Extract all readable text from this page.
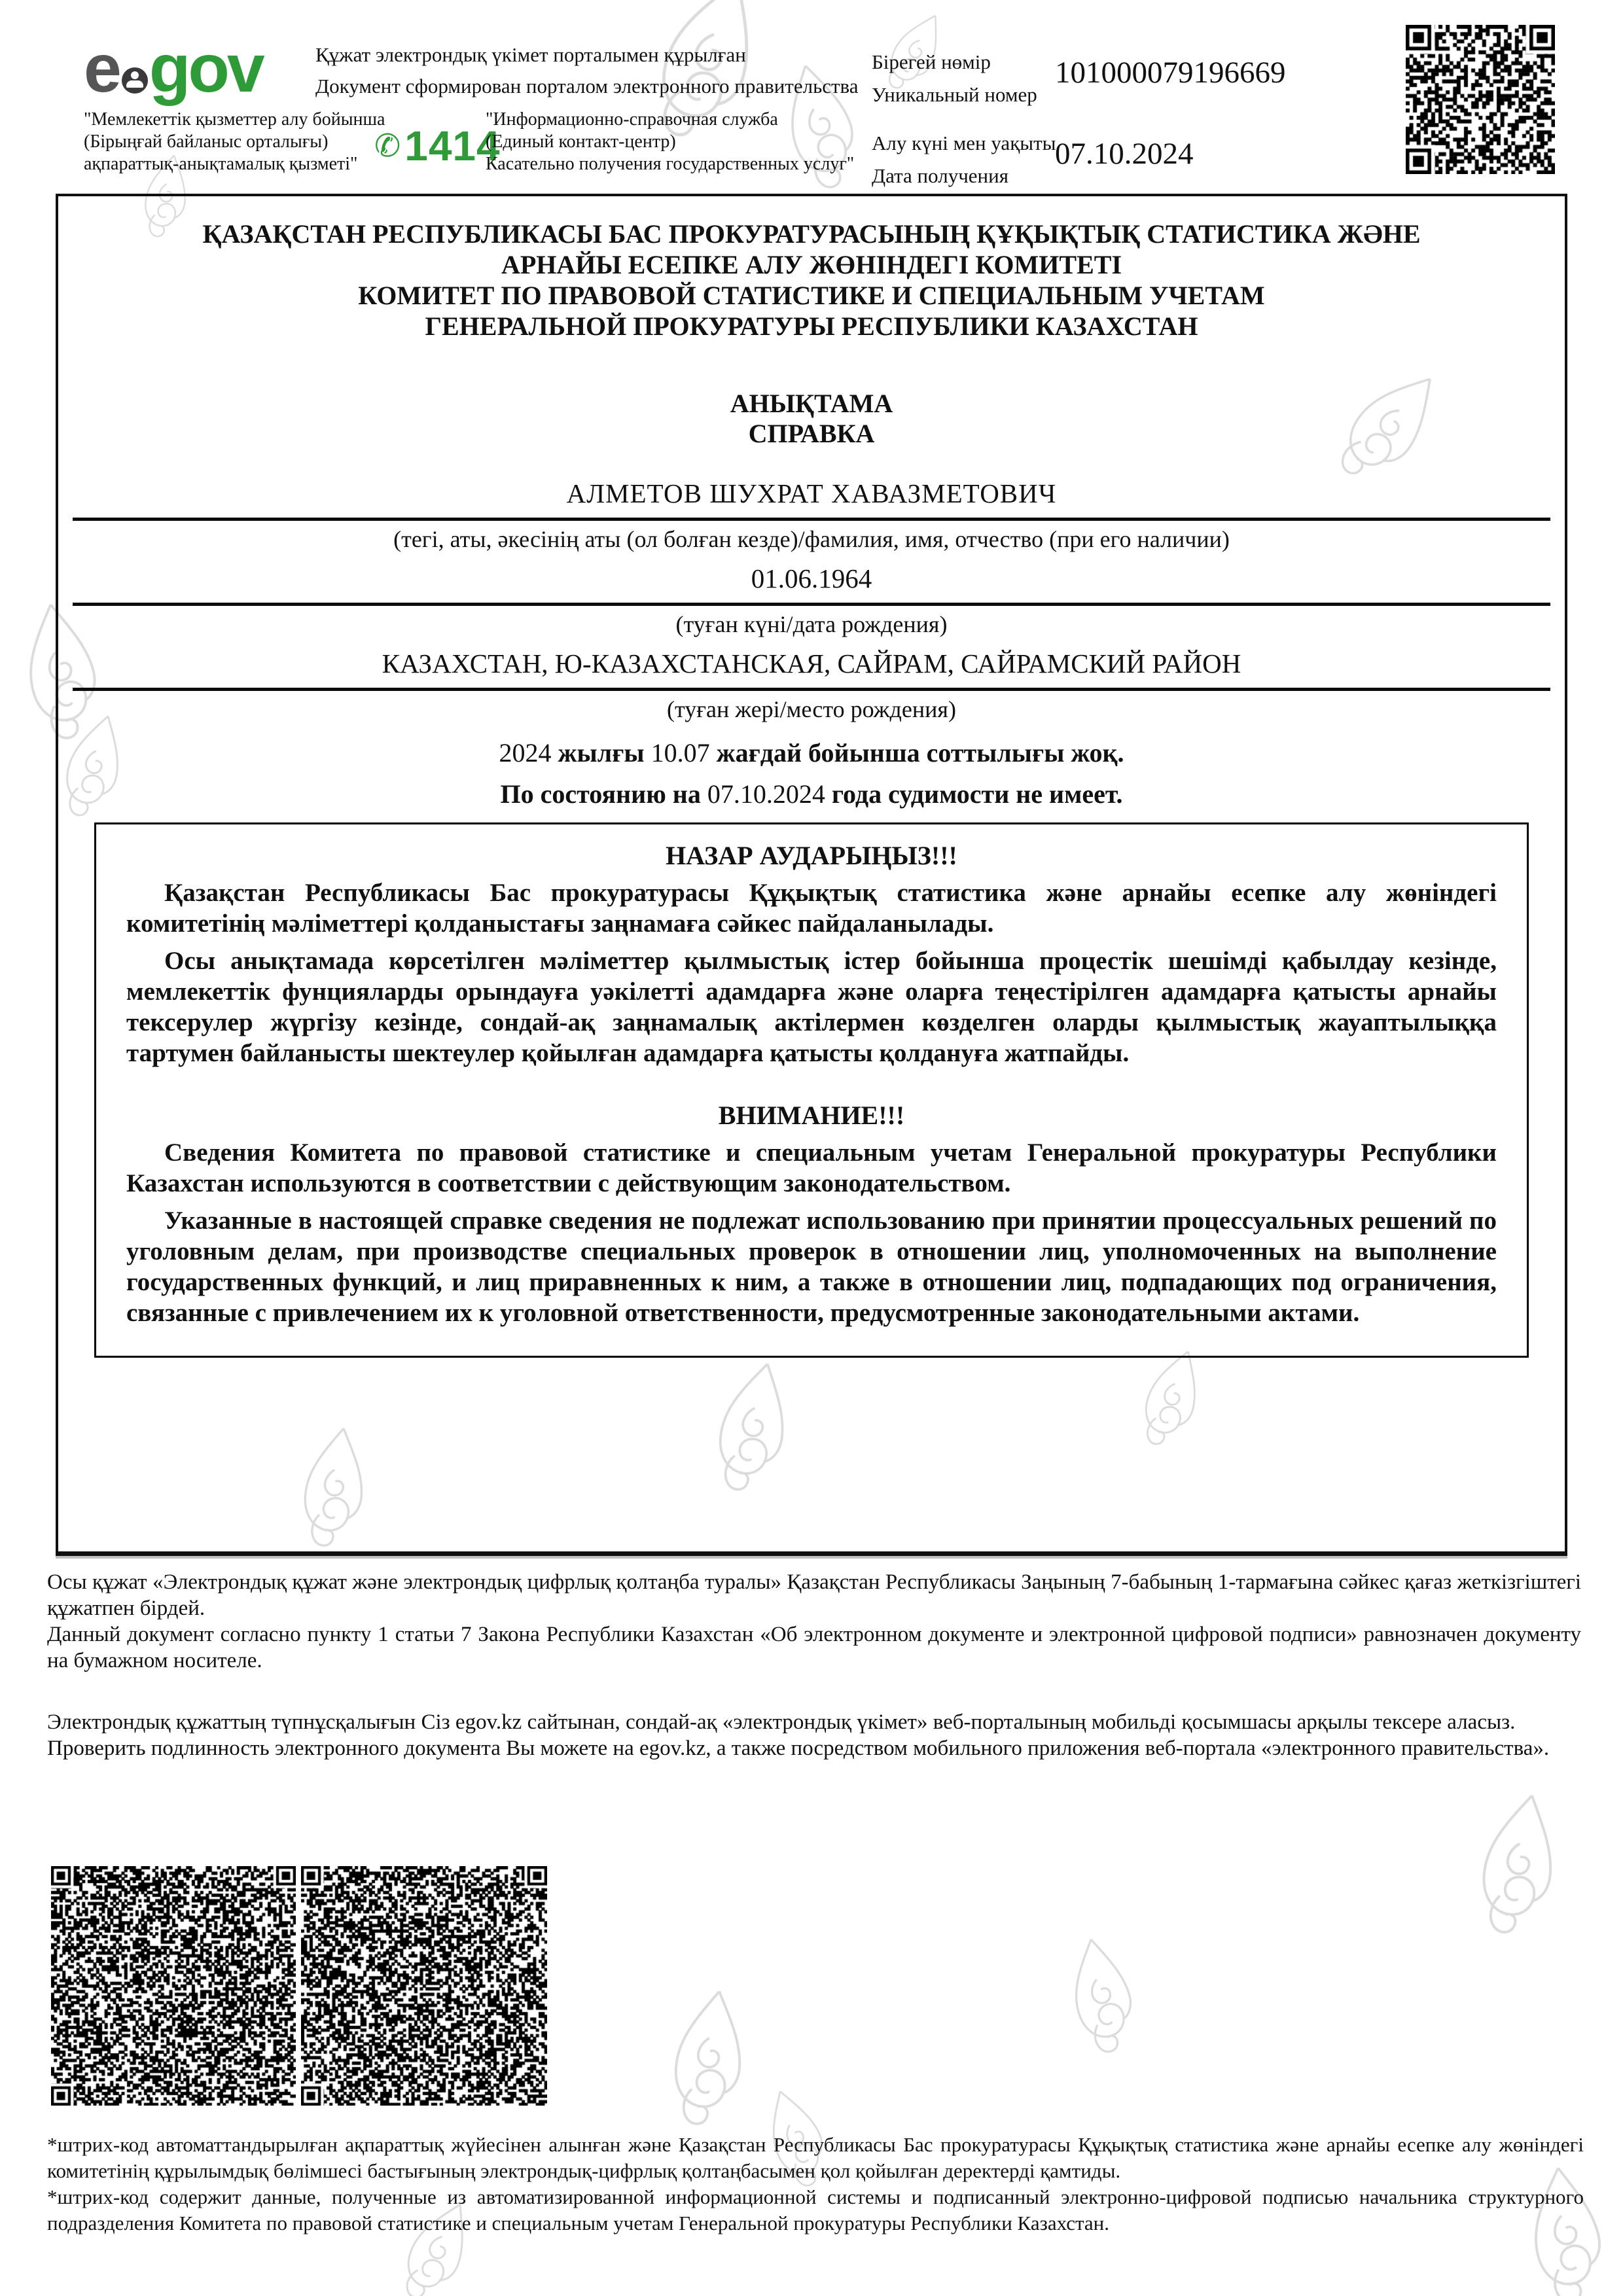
e gov	Құжат электрондық үкімет порталымен құрылған
Документ сформирован порталом электронного правительства
"Мемлекеттік қызметтер алу бойынша
(Бірыңғай байланыс орталығы)
ақпараттық-анықтамалық қызметі" ✆ 1414
"Информационно-справочная служба
(Единый контакт-центр)
Касательно получения государственных услуг"
Бірегей нөмір
Уникальный номер
101000079196669
Алу күні мен уақыты
Дата получения
07.10.2024
ҚАЗАҚСТАН РЕСПУБЛИКАСЫ БАС ПРОКУРАТУРАСЫНЫҢ ҚҰҚЫҚТЫҚ СТАТИСТИКА ЖӘНЕ
АРНАЙЫ ЕСЕПКЕ АЛУ ЖӨНІНДЕГІ КОМИТЕТІ
КОМИТЕТ ПО ПРАВОВОЙ СТАТИСТИКЕ И СПЕЦИАЛЬНЫМ УЧЕТАМ
ГЕНЕРАЛЬНОЙ ПРОКУРАТУРЫ РЕСПУБЛИКИ КАЗАХСТАН
АНЫҚТАМА
СПРАВКА
АЛМЕТОВ ШУХРАТ ХАВАЗМЕТОВИЧ
(тегі, аты, әкесінің аты (ол болған кезде)/фамилия, имя, отчество (при его наличии)
01.06.1964
(туған күні/дата рождения)
КАЗАХСТАН, Ю-КАЗАХСТАНСКАЯ, САЙРАМ, САЙРАМСКИЙ РАЙОН
(туған жері/место рождения)
2024 жылғы 10.07 жағдай бойынша соттылығы жоқ.
По состоянию на 07.10.2024 года судимости не имеет.
НАЗАР АУДАРЫҢЫЗ!!!

Қазақстан Республикасы Бас прокуратурасы Құқықтық статистика және арнайы есепке алу жөніндегі комитетінің мәліметтері қолданыстағы заңнамаға сәйкес пайдаланылады.

Осы анықтамада көрсетілген мәліметтер қылмыстық істер бойынша процестік шешімді қабылдау кезінде, мемлекеттік фунцияларды орындауға уәкілетті адамдарға және оларға теңестірілген адамдарға қатысты арнайы тексерулер жүргізу кезінде, сондай-ақ заңнамалық актілермен көзделген оларды қылмыстық жауаптылыққа тартумен байланысты шектеулер қойылған адамдарға қатысты қолдануға жатпайды.

ВНИМАНИЕ!!!

Сведения Комитета по правовой статистике и специальным учетам Генеральной прокуратуры Республики Казахстан используются в соответствии с действующим законодательством.

Указанные в настоящей справке сведения не подлежат использованию при принятии процессуальных решений по уголовным делам, при производстве специальных проверок в отношении лиц, уполномоченных на выполнение государственных функций, и лиц приравненных к ним, а также в отношении лиц, подпадающих под ограничения, связанные с привлечением их к уголовной ответственности, предусмотренные законодательными актами.

Осы құжат «Электрондық құжат және электрондық цифрлық қолтаңба туралы» Қазақстан Республикасы Заңының 7-бабының 1-тармағына сәйкес қағаз жеткізгіштегі құжатпен бірдей.

Данный документ согласно пункту 1 статьи 7 Закона Республики Казахстан «Об электронном документе и электронной цифровой подписи» равнозначен документу на бумажном носителе.

Электрондық құжаттың түпнұсқалығын Сіз egov.kz сайтынан, сондай-ақ «электрондық үкімет» веб-порталының мобильді қосымшасы арқылы тексере аласыз.

Проверить подлинность электронного документа Вы можете на egov.kz, а также посредством мобильного приложения веб-портала «электронного правительства».

*штрих-код автоматтандырылған ақпараттық жүйесінен алынған және Қазақстан Республикасы Бас прокуратурасы Құқықтық статистика және арнайы есепке алу жөніндегі комитетінің құрылымдық бөлімшесі бастығының электрондық-цифрлық қолтаңбасымен қол қойылған деректерді қамтиды.
*штрих-код содержит данные, полученные из автоматизированной информационной системы и подписанный электронно-цифровой подписью начальника структурного подразделения Комитета по правовой статистике и специальным учетам Генеральной прокуратуры Республики Казахстан.
